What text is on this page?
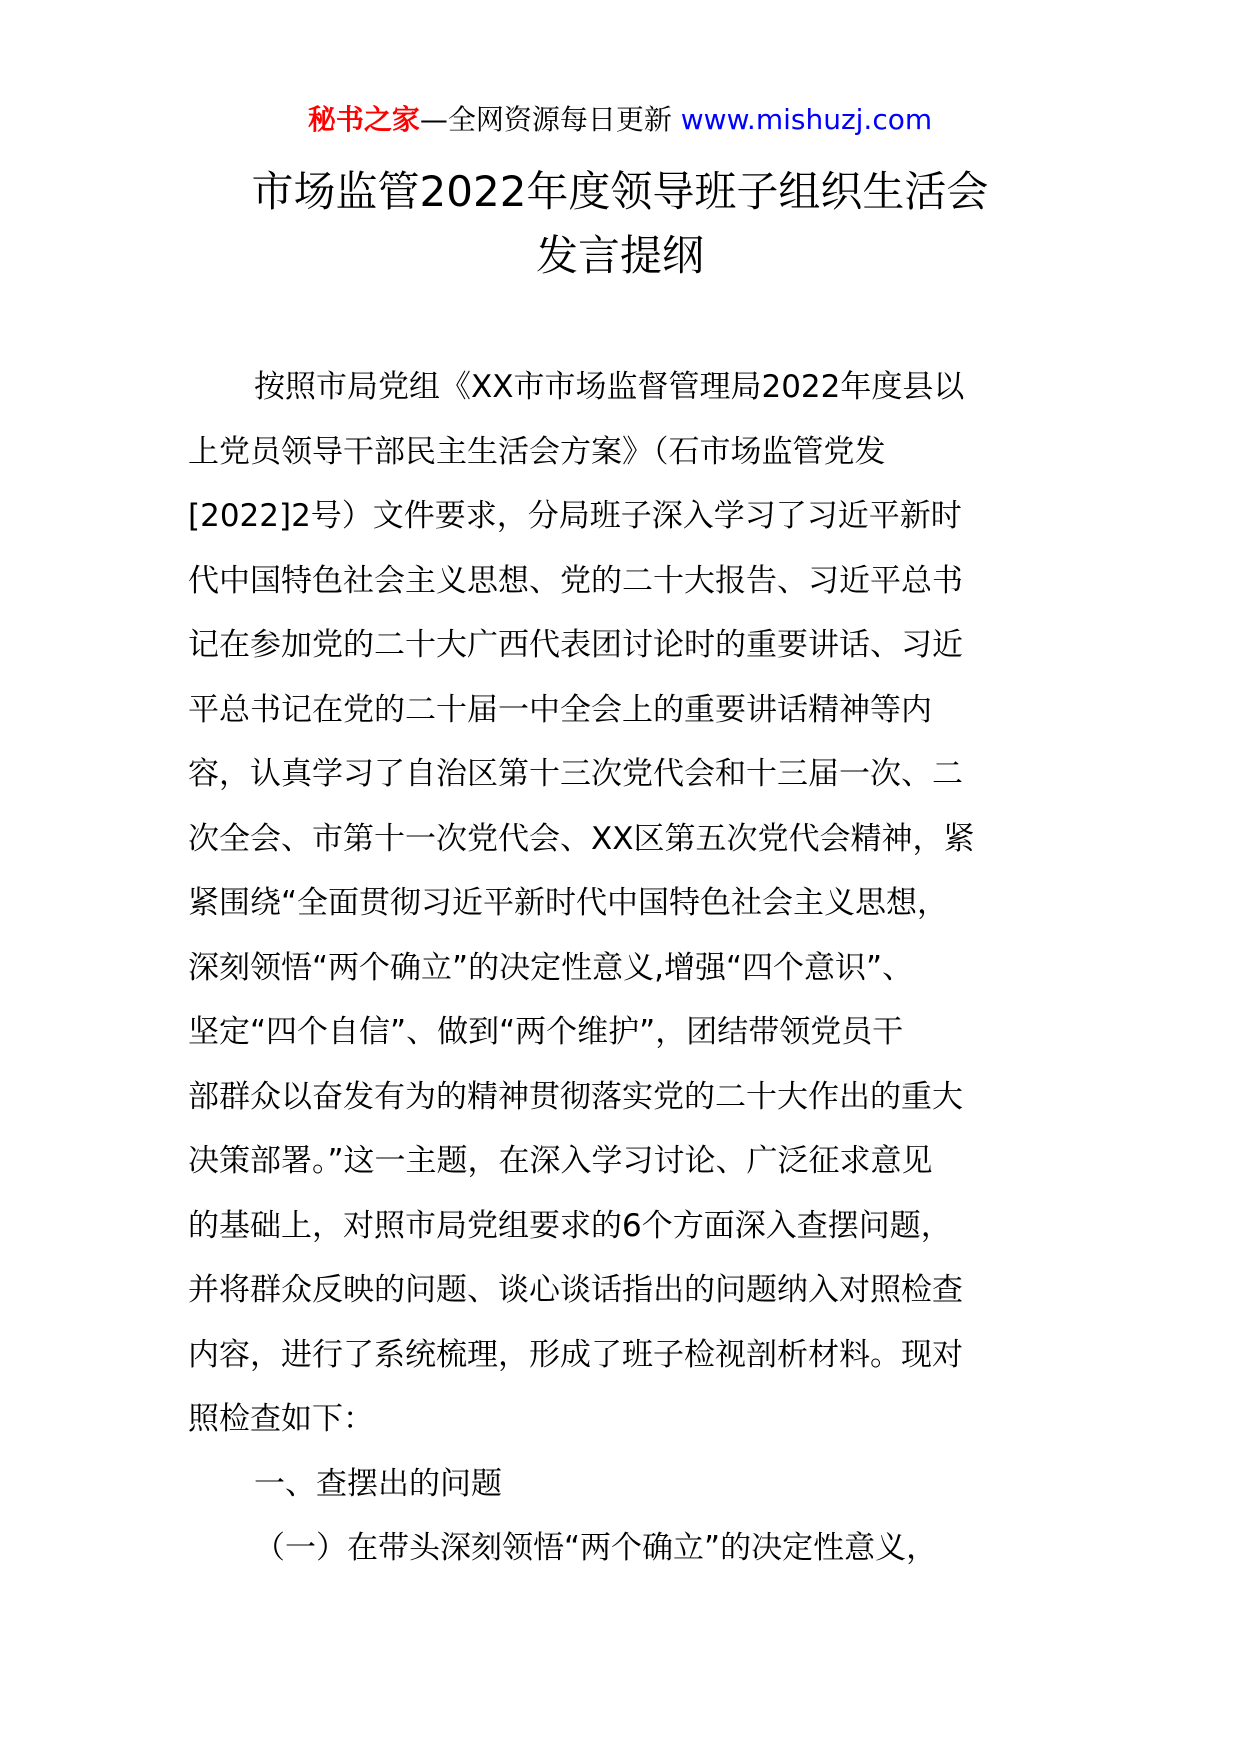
秘书之家—全网资源每日更新 www.mishuzj.com
市场监管2022年度领导班子组织生活会
发言提纲
按照市局党组《XX市市场监督管理局2022年度县以
上党员领导干部民主生活会方案》（石市场监管党发
[2022]2号）文件要求，分局班子深入学习了习近平新时
代中国特色社会主义思想、党的二十大报告、习近平总书
记在参加党的二十大广西代表团讨论时的重要讲话、习近
平总书记在党的二十届一中全会上的重要讲话精神等内
容，认真学习了自治区第十三次党代会和十三届一次、二
次全会、市第十一次党代会、XX区第五次党代会精神，紧
紧围绕“全面贯彻习近平新时代中国特色社会主义思想，
深刻领悟“两个确立”的决定性意义,增强“四个意识”、
坚定“四个自信”、做到“两个维护”，团结带领党员干
部群众以奋发有为的精神贯彻落实党的二十大作出的重大
决策部署。”这一主题，在深入学习讨论、广泛征求意见
的基础上，对照市局党组要求的6个方面深入查摆问题，
并将群众反映的问题、谈心谈话指出的问题纳入对照检查
内容，进行了系统梳理，形成了班子检视剖析材料。现对
照检查如下：
一、查摆出的问题
（一）在带头深刻领悟“两个确立”的决定性意义，
